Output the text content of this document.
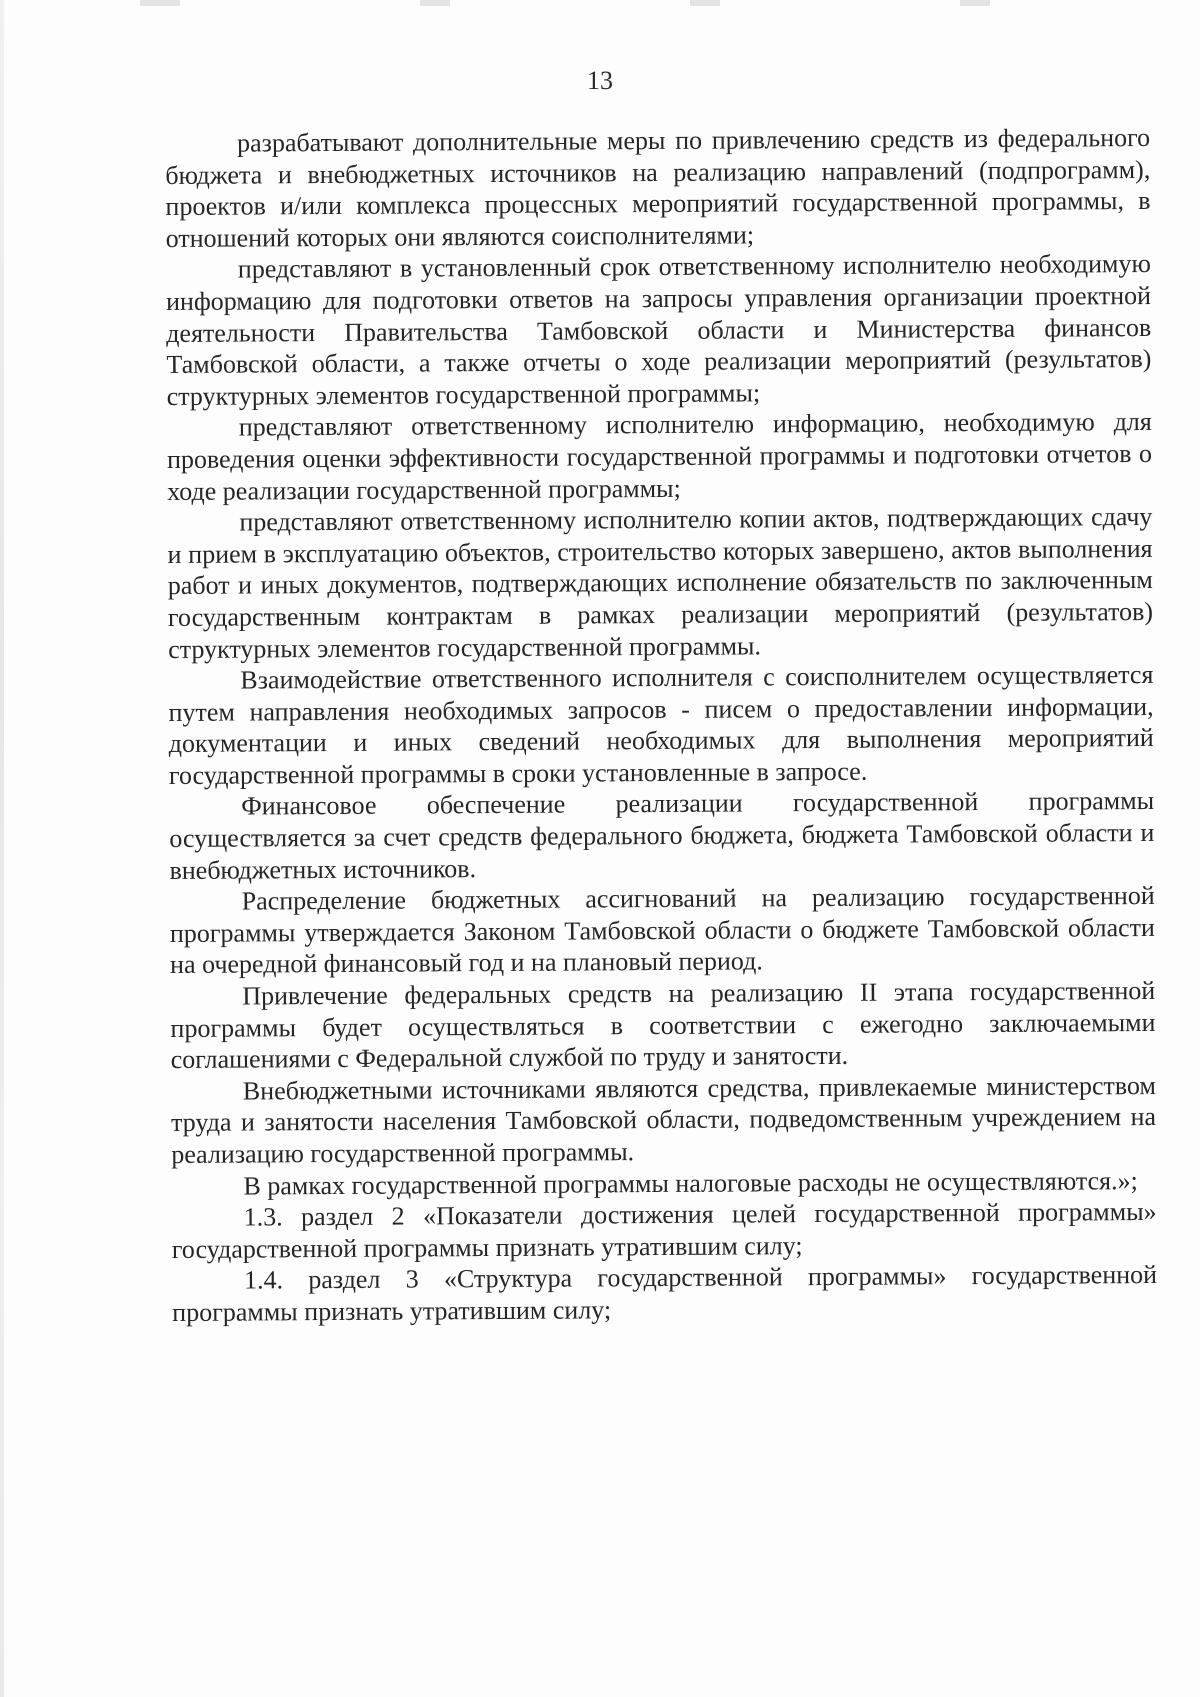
13

разрабатывают дополнительные меры по привлечению средств из федерального бюджета и внебюджетных источников на реализацию направлений (подпрограмм), проектов и/или комплекса процессных мероприятий государственной программы, в отношений которых они являются соисполнителями;

представляют в установленный срок ответственному исполнителю необходимую информацию для подготовки ответов на запросы управления организации проектной деятельности Правительства Тамбовской области и Министерства финансов Тамбовской области, а также отчеты о ходе реализации мероприятий (результатов) структурных элементов государственной программы;

представляют ответственному исполнителю информацию, необходимую для проведения оценки эффективности государственной программы и подготовки отчетов о ходе реализации государственной программы;

представляют ответственному исполнителю копии актов, подтверждающих сдачу и прием в эксплуатацию объектов, строительство которых завершено, актов выполнения работ и иных документов, подтверждающих исполнение обязательств по заключенным государственным контрактам в рамках реализации мероприятий (результатов) структурных элементов государственной программы.

Взаимодействие ответственного исполнителя с соисполнителем осуществляется путем направления необходимых запросов - писем о предоставлении информации, документации и иных сведений необходимых для выполнения мероприятий государственной программы в сроки установленные в запросе.

Финансовое обеспечение реализации государственной программы осуществляется за счет средств федерального бюджета, бюджета Тамбовской области и внебюджетных источников.

Распределение бюджетных ассигнований на реализацию государственной программы утверждается Законом Тамбовской области о бюджете Тамбовской области на очередной финансовый год и на плановый период.

Привлечение федеральных средств на реализацию II этапа государственной программы будет осуществляться в соответствии с ежегодно заключаемыми соглашениями с Федеральной службой по труду и занятости.

Внебюджетными источниками являются средства, привлекаемые министерством труда и занятости населения Тамбовской области, подведомственным учреждением на реализацию государственной программы.

В рамках государственной программы налоговые расходы не осуществляются.»;

1.3. раздел 2 «Показатели достижения целей государственной программы» государственной программы признать утратившим силу;

1.4. раздел 3 «Структура государственной программы» государственной программы признать утратившим силу;
